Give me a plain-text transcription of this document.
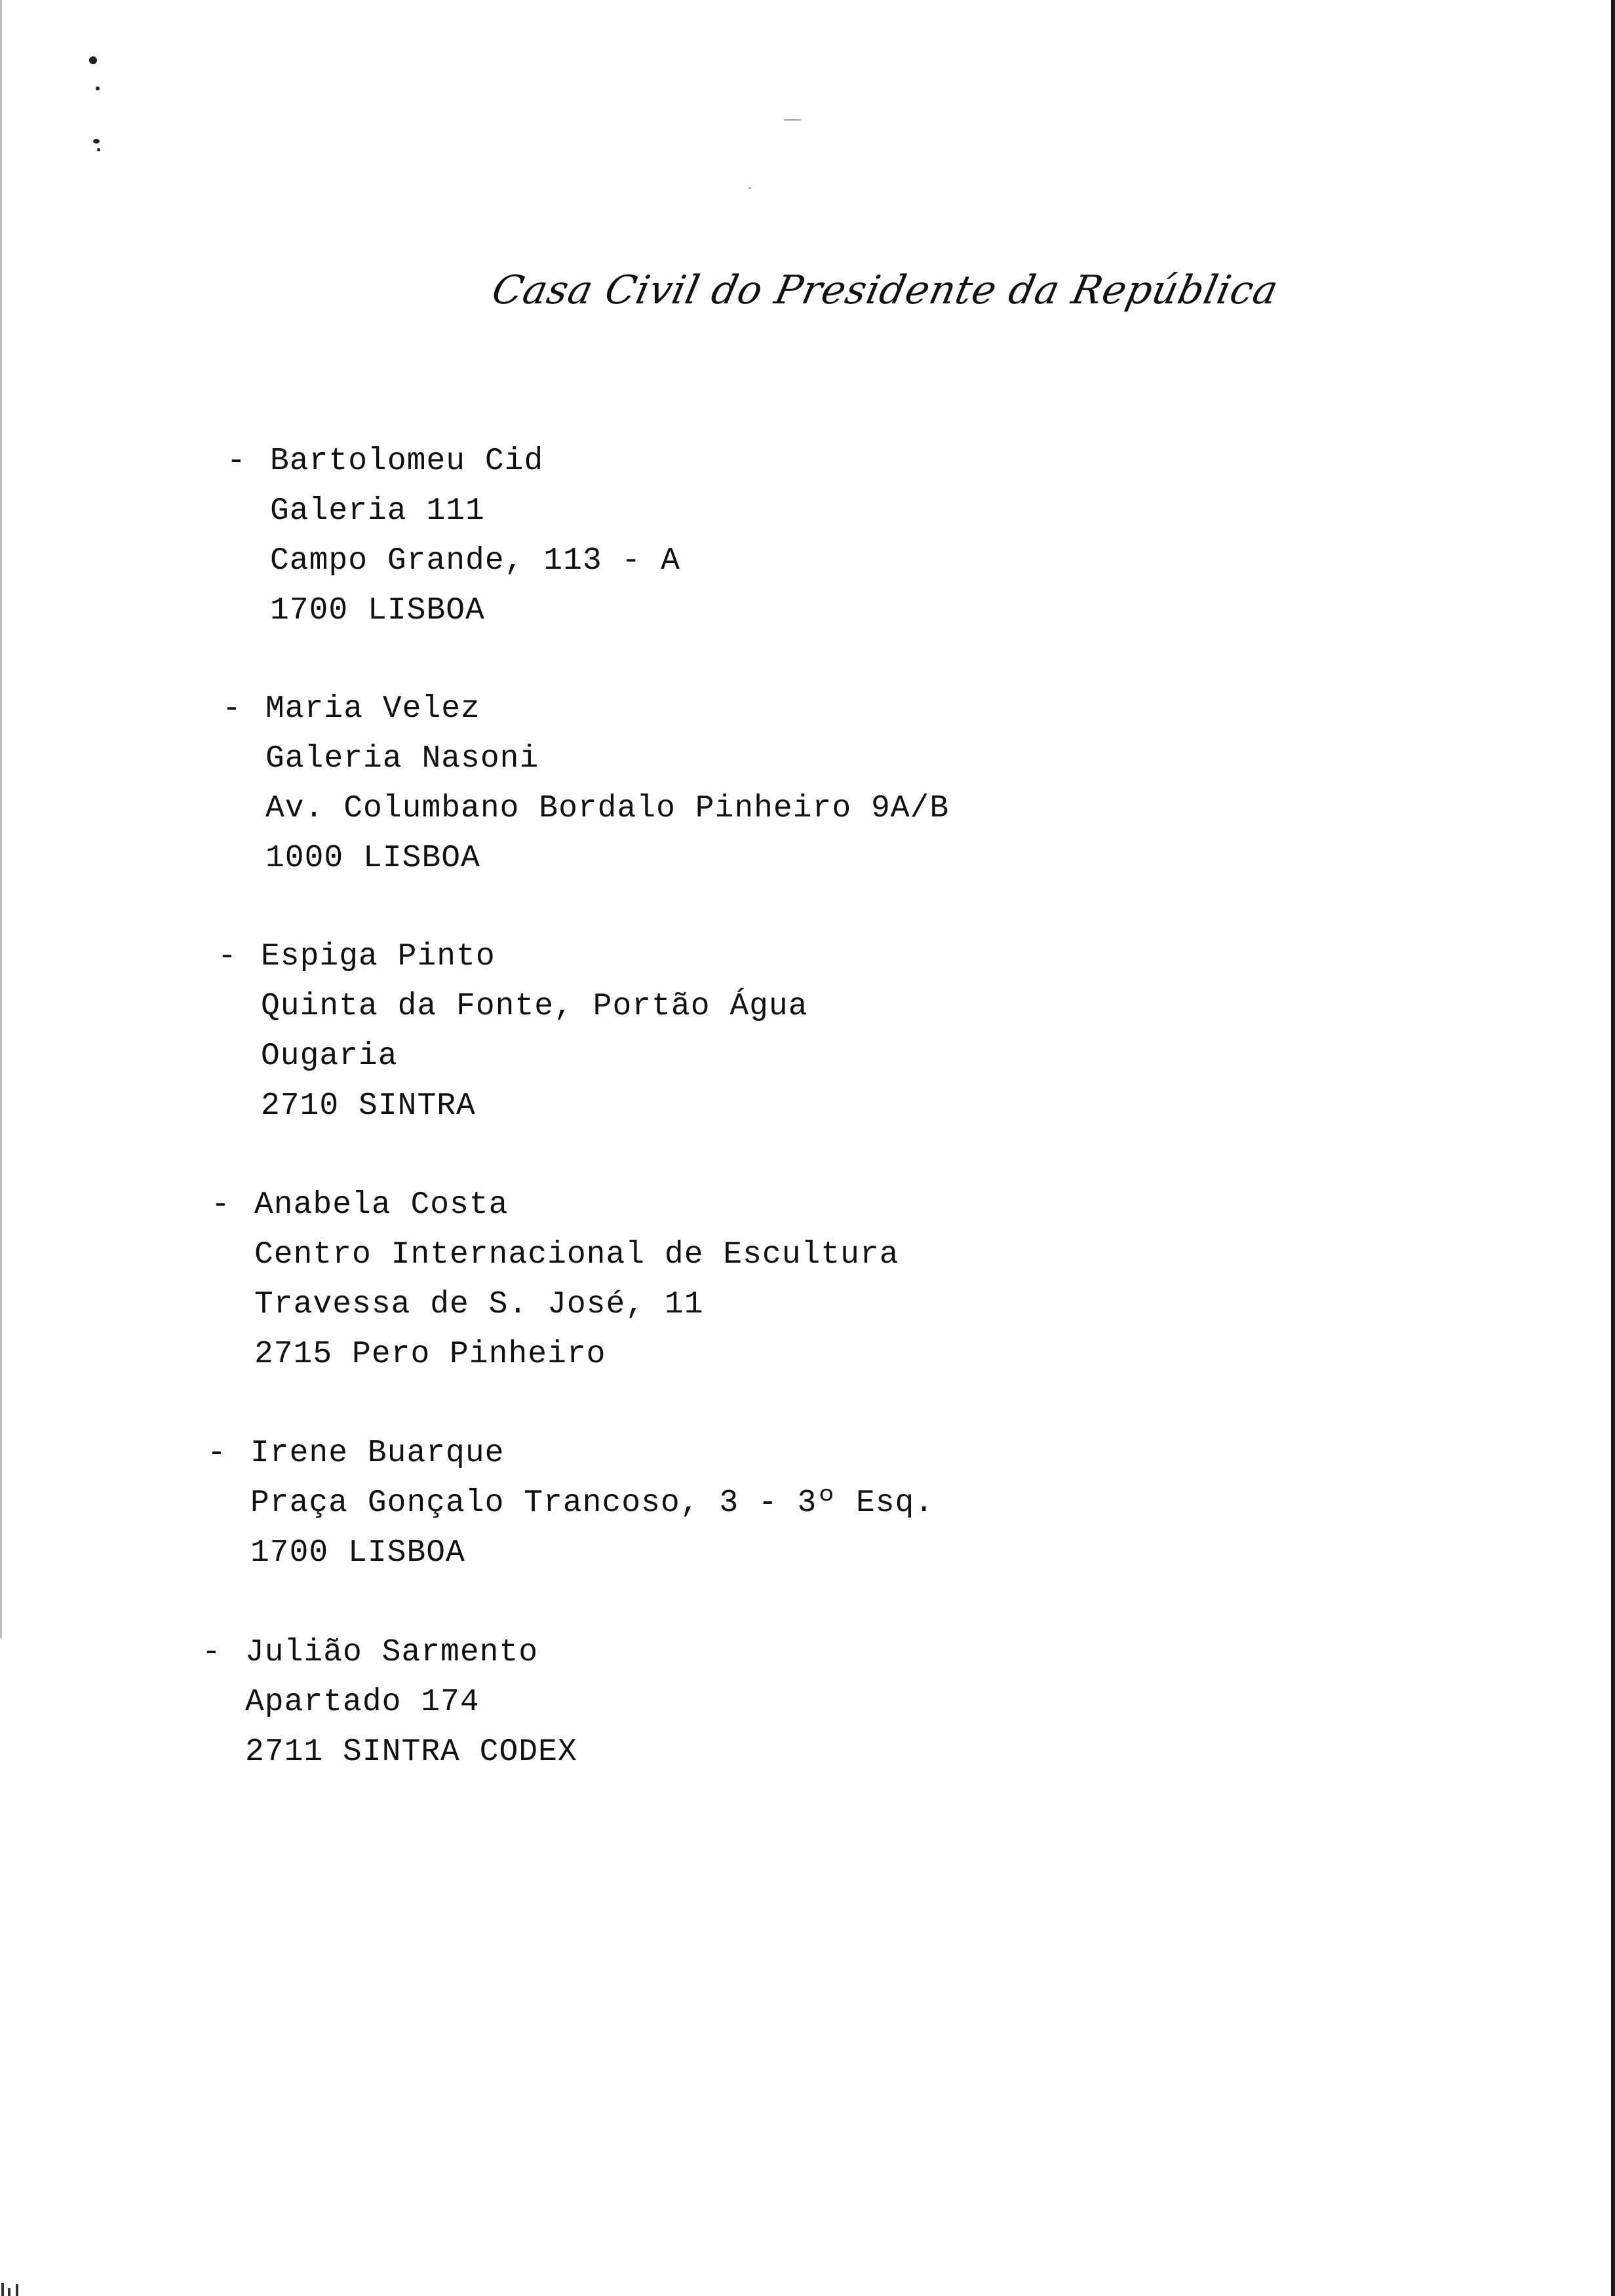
Casa Civil do Presidente da República
- Bartolomeu Cid
Galeria 111
Campo Grande, 113 - A
1700 LISBOA
- Maria Velez
Galeria Nasoni
Av. Columbano Bordalo Pinheiro 9A/B
1000 LISBOA
- Espiga Pinto
Quinta da Fonte, Portão Água
Ougaria
2710 SINTRA
- Anabela Costa
Centro Internacional de Escultura
Travessa de S. José, 11
2715 Pero Pinheiro
- Irene Buarque
Praça Gonçalo Trancoso, 3 - 3º Esq.
1700 LISBOA
- Julião Sarmento
Apartado 174
2711 SINTRA CODEX
